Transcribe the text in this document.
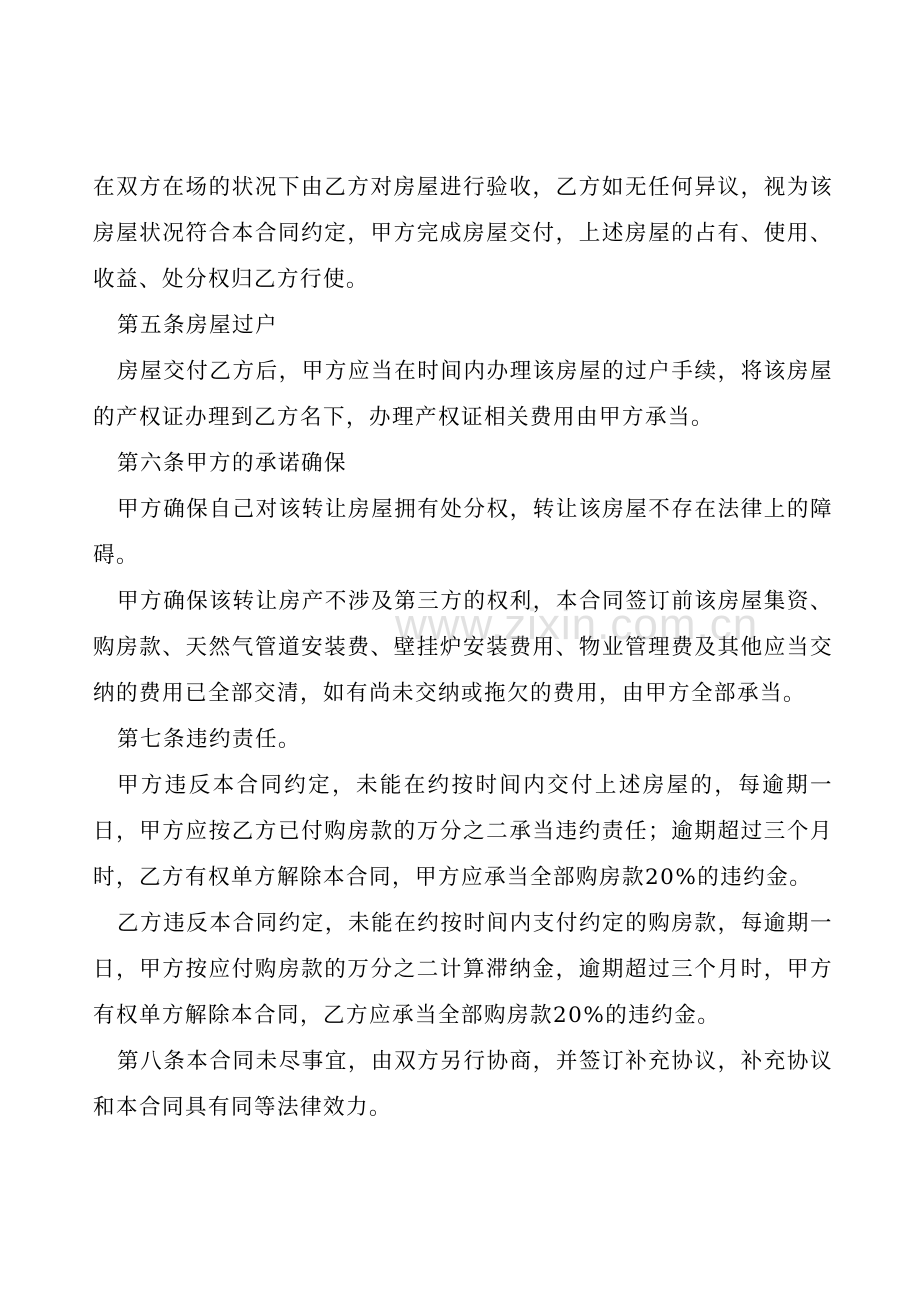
在双方在场的状况下由乙方对房屋进行验收，乙方如无任何异议，视为该房屋状况符合本合同约定，甲方完成房屋交付，上述房屋的占有、使用、收益、处分权归乙方行使。

第五条房屋过户

房屋交付乙方后，甲方应当在时间内办理该房屋的过户手续，将该房屋的产权证办理到乙方名下，办理产权证相关费用由甲方承当。

第六条甲方的承诺确保

甲方确保自己对该转让房屋拥有处分权，转让该房屋不存在法律上的障碍。

甲方确保该转让房产不涉及第三方的权利，本合同签订前该房屋集资、购房款、天然气管道安装费、壁挂炉安装费用、物业管理费及其他应当交纳的费用已全部交清，如有尚未交纳或拖欠的费用，由甲方全部承当。

第七条违约责任。

甲方违反本合同约定，未能在约按时间内交付上述房屋的，每逾期一日，甲方应按乙方已付购房款的万分之二承当违约责任；逾期超过三个月时，乙方有权单方解除本合同，甲方应承当全部购房款20%的违约金。

乙方违反本合同约定，未能在约按时间内支付约定的购房款，每逾期一日，甲方按应付购房款的万分之二计算滞纳金，逾期超过三个月时，甲方有权单方解除本合同，乙方应承当全部购房款20%的违约金。

第八条本合同未尽事宜，由双方另行协商，并签订补充协议，补充协议和本合同具有同等法律效力。

www.zixin.com.cn
